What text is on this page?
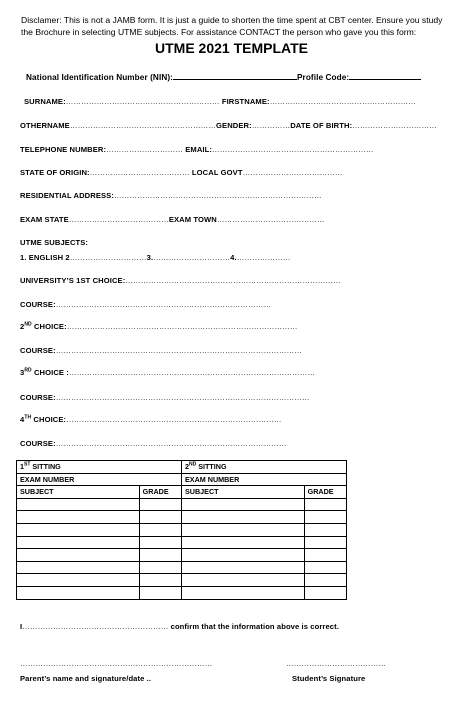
Disclamer: This is not a JAMB form. It is just a guide to shorten the time spent at CBT center. Ensure you study the Brochure in selecting UTME subjects. For assistance CONTACT the person who gave you this form:
UTME 2021 TEMPLATE
National Identification Number (NIN):	Profile Code:
SURNAME:…………………………………………………… FIRSTNAME:…………………………………………………
OTHERNAME…………………………………………………GENDER:……………DATE OF BIRTH:……………………………
TELEPHONE NUMBER:………………………… EMAIL:………………………………………………………
STATE OF ORIGIN:………………………………… LOCAL GOVT…………………………………
RESIDENTIAL ADDRESS:………………………………………………………………………
EXAM STATE…………………………………EXAM TOWN……………………………………
UTME SUBJECTS:
1. ENGLISH 2…………………………3.…………………………4.…………………
UNIVERSITY’S 1ST CHOICE:…………………………………………………………………………
COURSE:…………………………………………………………………………
2ND CHOICE:………………………………………………………………………………
COURSE:……………………………………………………………………………………
3RD CHOICE :……………………………………………………………………………………
COURSE:………………………………………………………………………………………
4TH CHOICE:…………………………………………………………………………
COURSE:………………………………………………………………………………
1ST SITTING		2ND SITTING	
EXAM NUMBER		EXAM NUMBER	
SUBJECT	GRADE	SUBJECT	GRADE

I………………………………………………… confirm that the information above is correct.
…………………………………………………………………	…………………………………
Parent’s name and signature/date ..	Student’s Signature
